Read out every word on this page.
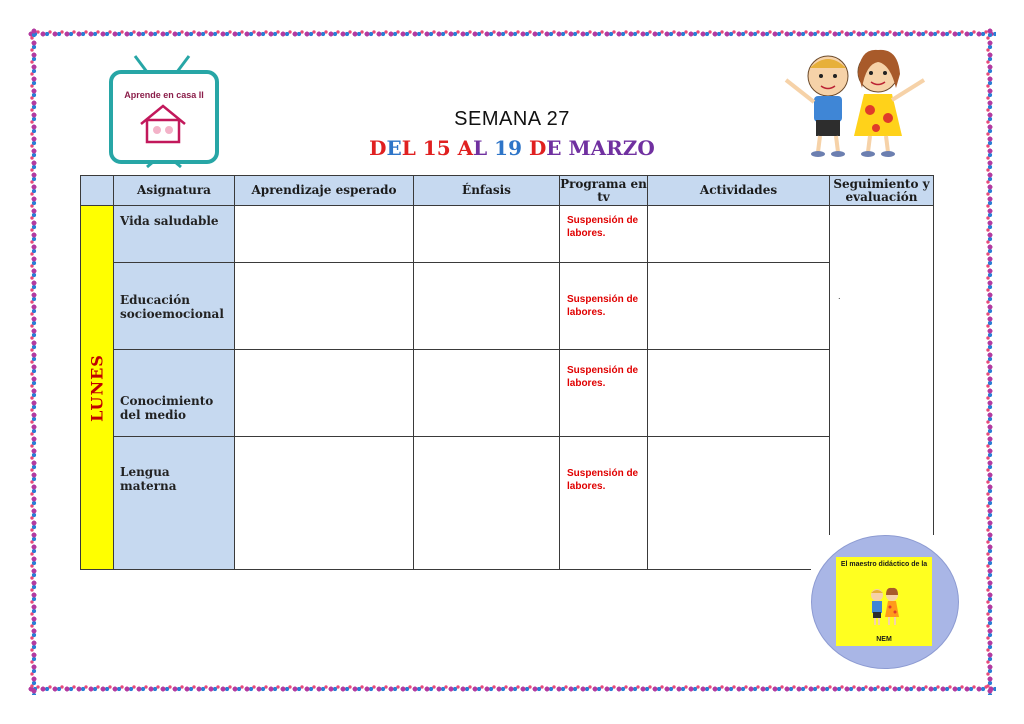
Aprende en casa II
SEMANA 27
DEL 15 AL 19 DE MARZO
	Asignatura	Aprendizaje esperado	Énfasis	Programa en tv	Actividades	Seguimiento y evaluación

LUNES	Vida saludable			Suspensión de labores.		.

	Educación socioemocional			Suspensión de labores.		
	Conocimiento del medio			Suspensión de labores.		
	Lengua materna			Suspensión de labores.		
El maestro didáctico de la
NEM
